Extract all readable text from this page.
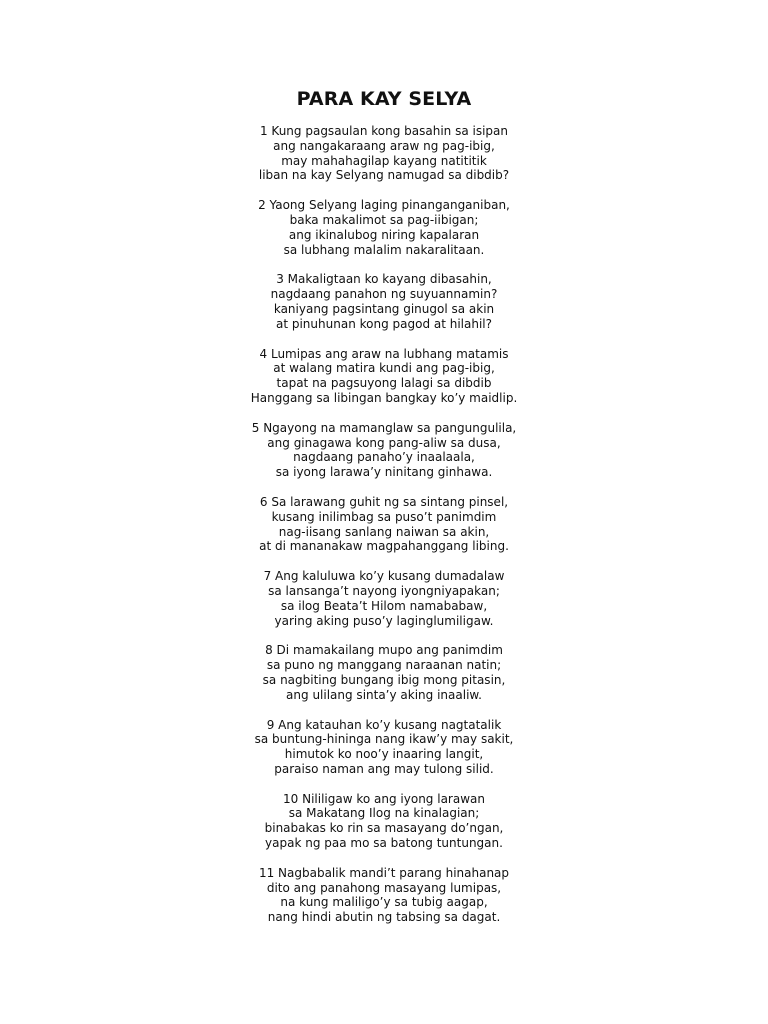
PARA KAY SELYA
1 Kung pagsaulan kong basahin sa isipan
ang nangakaraang araw ng pag-ibig,
may mahahagilap kayang natititik
liban na kay Selyang namugad sa dibdib?
2 Yaong Selyang laging pinanganganiban,
baka makalimot sa pag-iibigan;
ang ikinalubog niring kapalaran
sa lubhang malalim nakaralitaan.
3 Makaligtaan ko kayang dibasahin,
nagdaang panahon ng suyuannamin?
kaniyang pagsintang ginugol sa akin
at pinuhunan kong pagod at hilahil?
4 Lumipas ang araw na lubhang matamis
at walang matira kundi ang pag-ibig,
tapat na pagsuyong lalagi sa dibdib
Hanggang sa libingan bangkay ko’y maidlip.
5 Ngayong na mamanglaw sa pangungulila,
ang ginagawa kong pang-aliw sa dusa,
nagdaang panaho’y inaalaala,
sa iyong larawa’y ninitang ginhawa.
6 Sa larawang guhit ng sa sintang pinsel,
kusang inilimbag sa puso’t panimdim
nag-iisang sanlang naiwan sa akin,
at di mananakaw magpahanggang libing.
7 Ang kaluluwa ko’y kusang dumadalaw
sa lansanga’t nayong iyongniyapakan;
sa ilog Beata’t Hilom namababaw,
yaring aking puso’y laginglumiligaw.
8 Di mamakailang mupo ang panimdim
sa puno ng manggang naraanan natin;
sa nagbiting bungang ibig mong pitasin,
ang ulilang sinta’y aking inaaliw.
9 Ang katauhan ko’y kusang nagtatalik
sa buntung-hininga nang ikaw’y may sakit,
himutok ko noo’y inaaring langit,
paraiso naman ang may tulong silid.
10 Nililigaw ko ang iyong larawan
sa Makatang Ilog na kinalagian;
binabakas ko rin sa masayang do’ngan,
yapak ng paa mo sa batong tuntungan.
11 Nagbabalik mandi’t parang hinahanap
dito ang panahong masayang lumipas,
na kung maliligo’y sa tubig aagap,
nang hindi abutin ng tabsing sa dagat.
